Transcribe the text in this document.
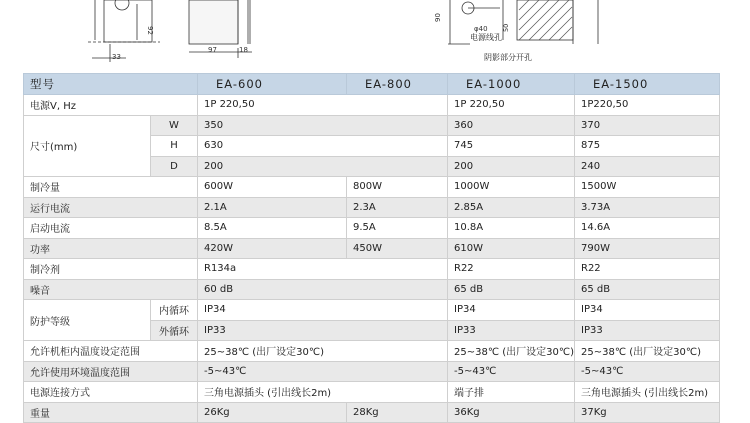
92
33
97	18
90
φ40 50
电源线孔
阴影部分开孔
型号		EA-600	EA-800	EA-1000	EA-1500
电源V, Hz		1P 220,50		1P 220,50	1P220,50
尺寸(mm)	W	350		360	370
	H	630		745	875
	D	200		200	240
制冷量		600W	800W	1000W	1500W
运行电流		2.1A	2.3A	2.85A	3.73A
启动电流		8.5A	9.5A	10.8A	14.6A
功率		420W	450W	610W	790W
制冷剂		R134a		R22	R22
噪音		60 dB		65 dB	65 dB
防护等级	内循环	IP34		IP34	IP34
	外循环	IP33		IP33	IP33
允许机柜内温度设定范围		25~38℃ (出厂设定30℃)		25~38℃ (出厂设定30℃)	25~38℃ (出厂设定30℃)
允许使用环境温度范围		-5~43℃		-5~43℃	-5~43℃
电源连接方式		三角电源插头 (引出线长2m)		端子排	三角电源插头 (引出线长2m)
重量		26Kg	28Kg	36Kg	37Kg
